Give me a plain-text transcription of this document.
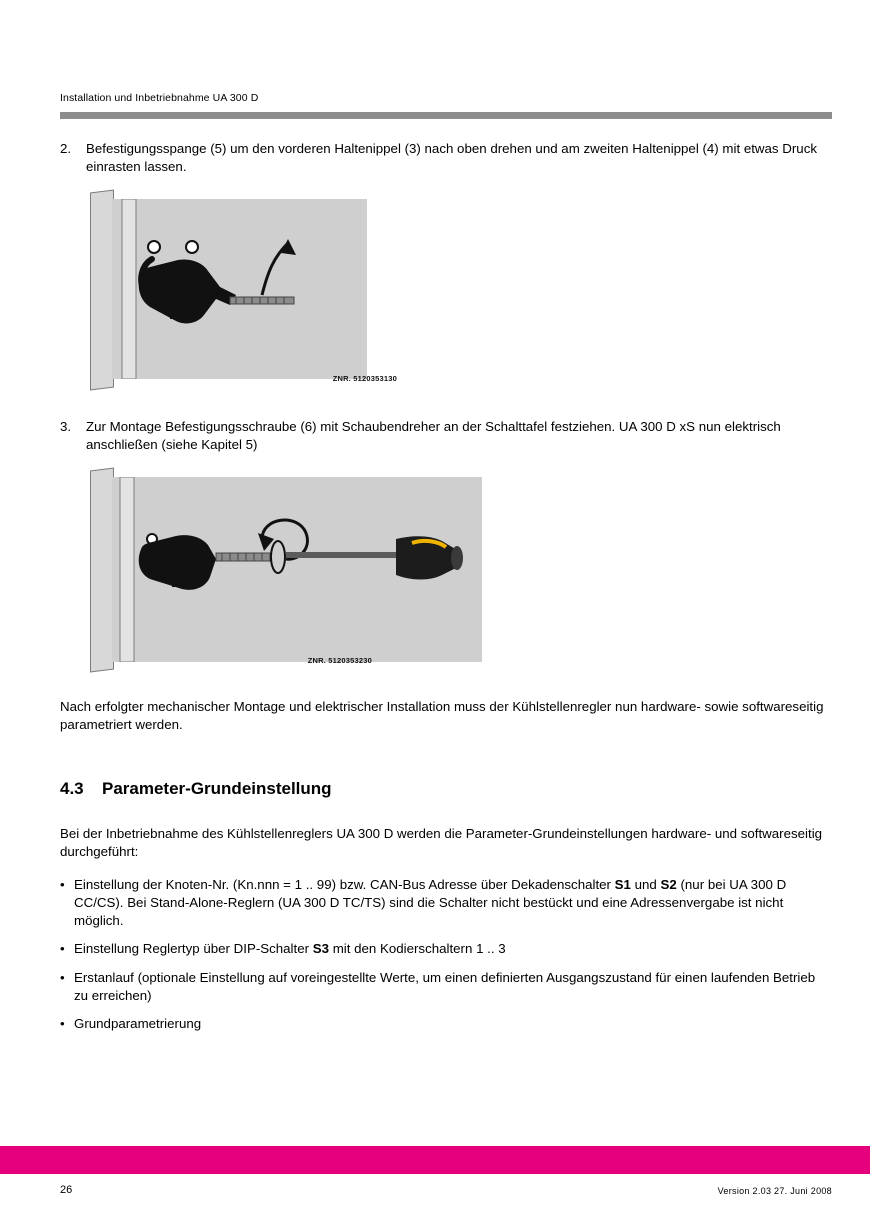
Installation und Inbetriebnahme UA 300 D
2.	Befestigungsspange (5) um den vorderen Haltenippel (3) nach oben drehen und am zweiten Haltenippel (4) mit etwas Druck einrasten lassen.
ZNR. 5120353130
3.	Zur Montage Befestigungsschraube (6) mit Schaubendreher an der Schalttafel festziehen. UA 300 D xS nun elektrisch anschließen (siehe Kapitel 5)
ZNR. 5120353230
Nach erfolgter mechanischer Montage und elektrischer Installation muss der Kühlstellenregler nun hardware- sowie softwareseitig parametriert werden.
4.3	Parameter-Grundeinstellung
Bei der Inbetriebnahme des Kühlstellenreglers UA 300 D werden die Parameter-Grundeinstellungen hardware- und softwareseitig durchgeführt:
• Einstellung der Knoten-Nr. (Kn.nnn = 1 .. 99) bzw. CAN-Bus Adresse über Dekadenschalter S1 und S2 (nur bei UA 300 D CC/CS). Bei Stand-Alone-Reglern (UA 300 D TC/TS) sind die Schalter nicht bestückt und eine Adressenvergabe ist nicht möglich.
• Einstellung Reglertyp über DIP-Schalter S3 mit den Kodierschaltern 1 .. 3
• Erstanlauf (optionale Einstellung auf voreingestellte Werte, um einen definierten Ausgangszustand für einen laufenden Betrieb zu erreichen)
• Grundparametrierung
26	Version 2.03 27. Juni 2008
